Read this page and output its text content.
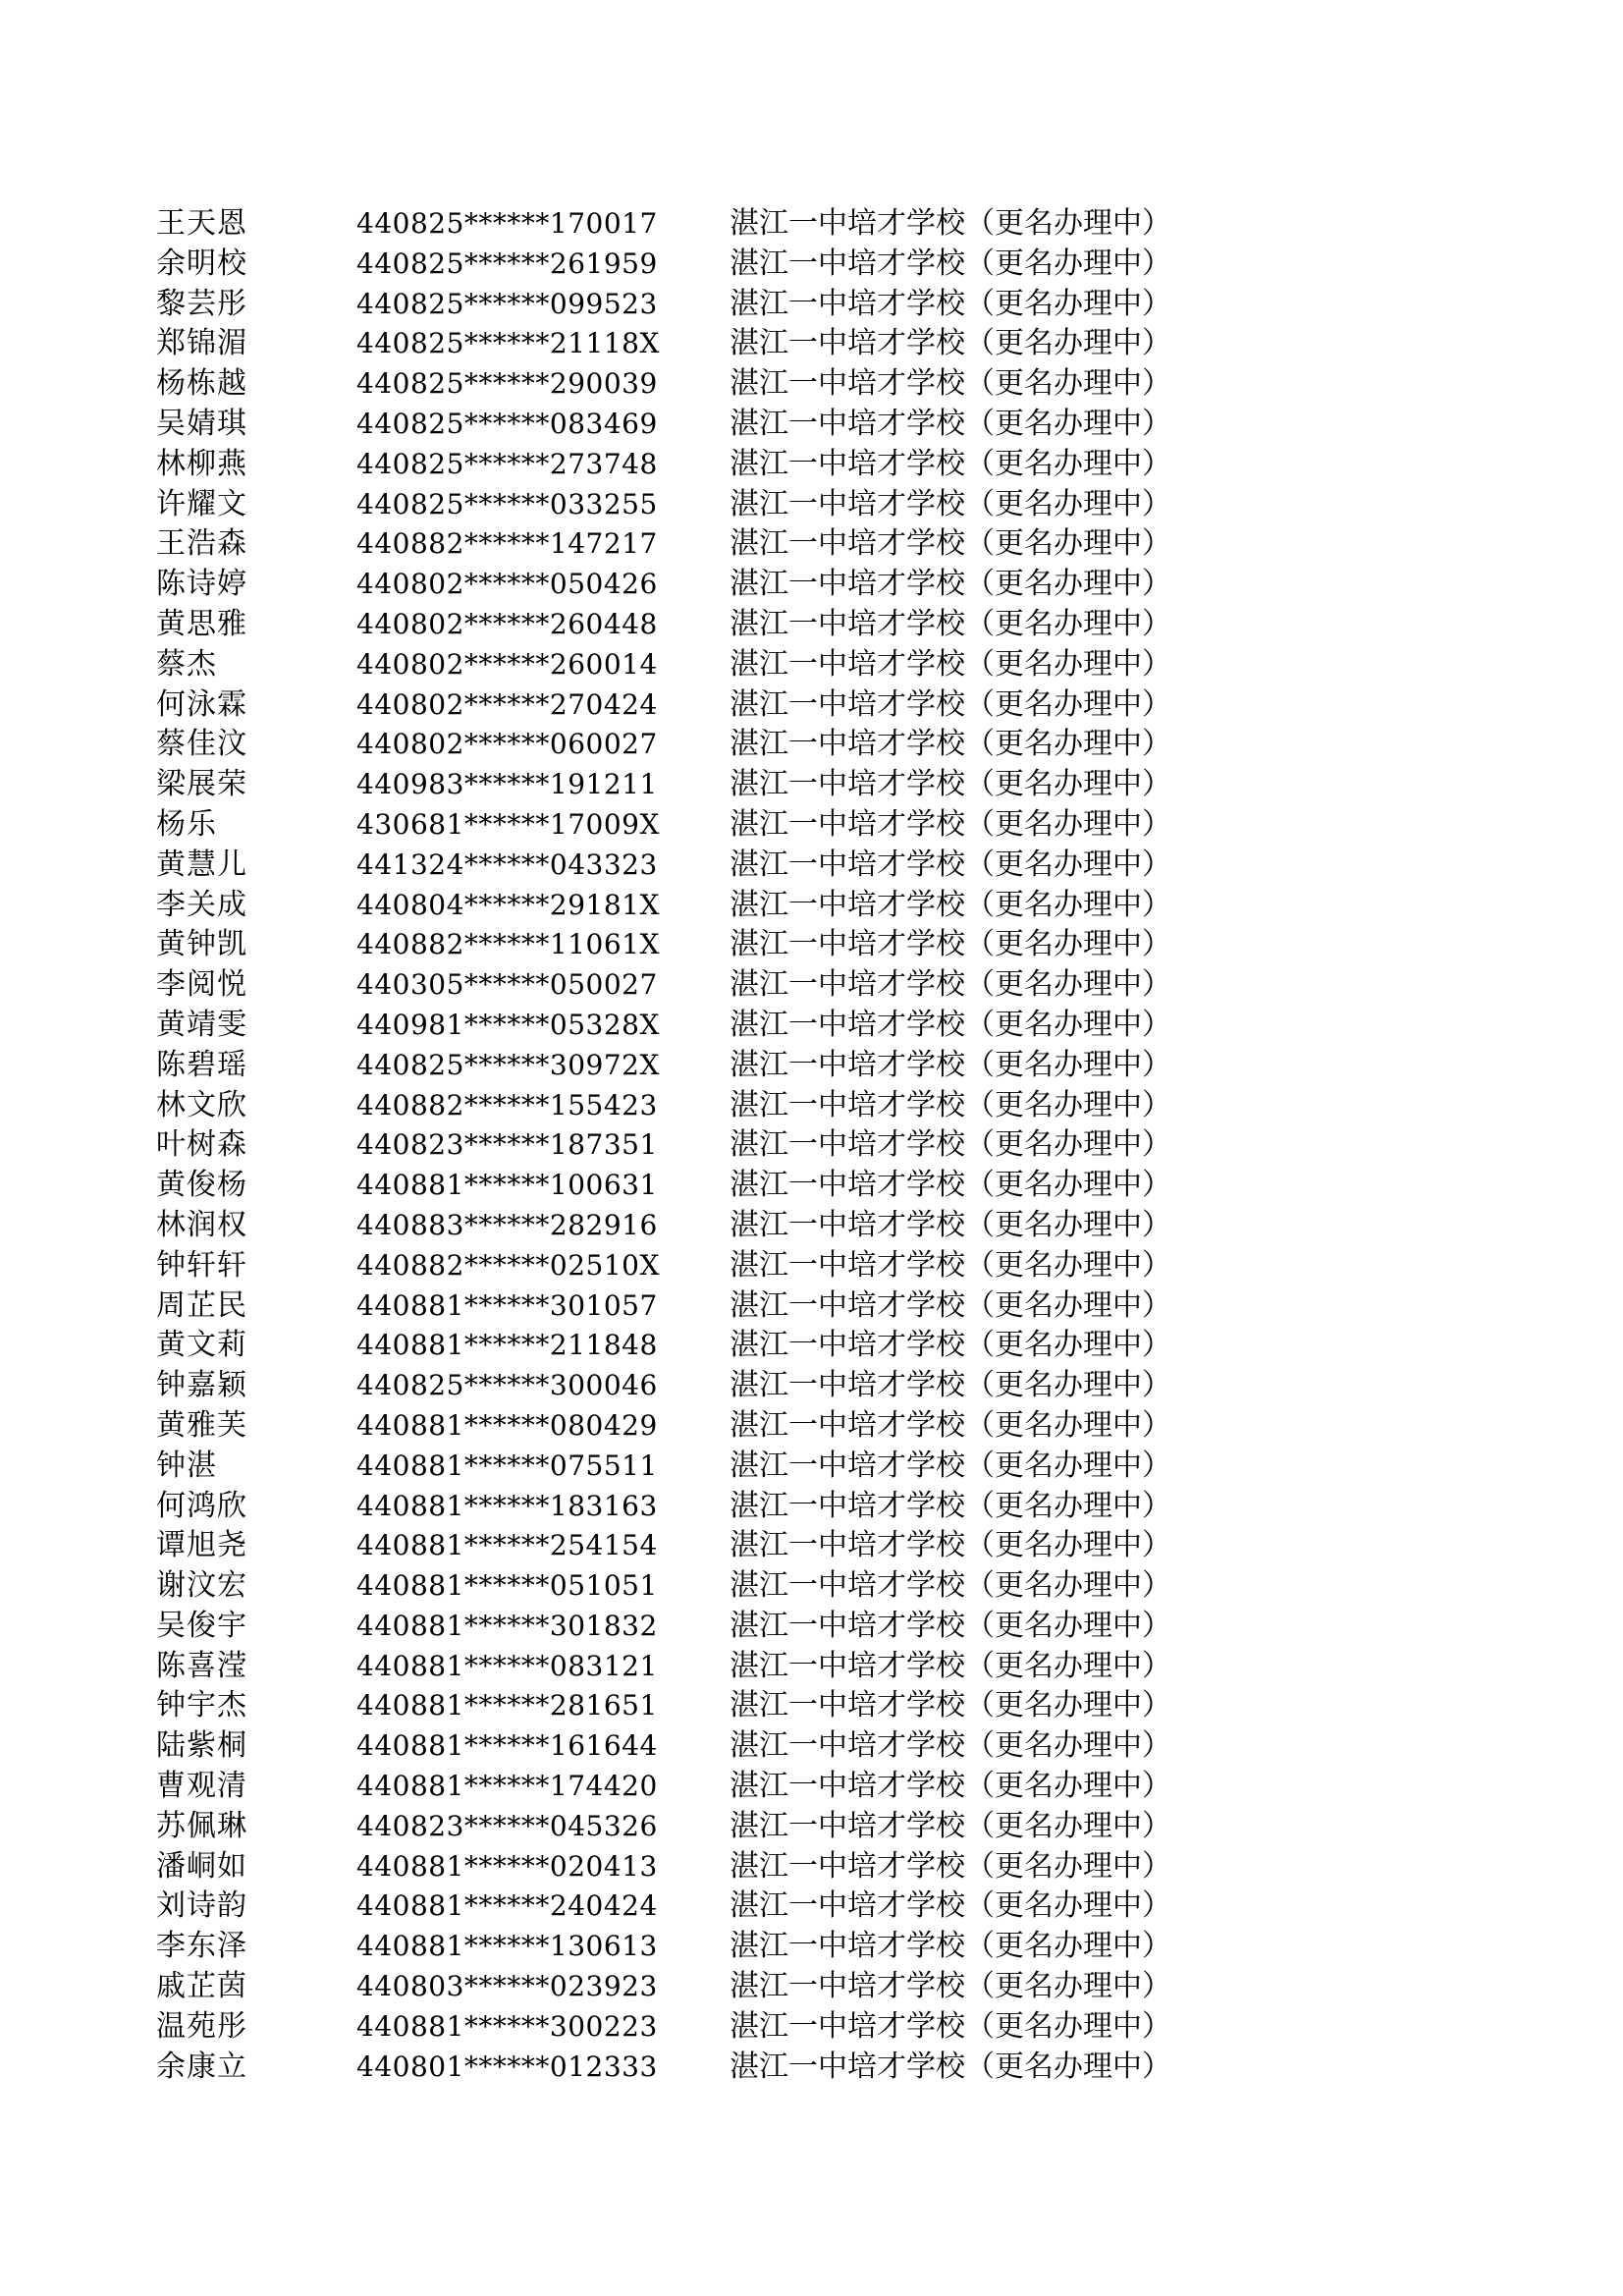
王天恩	440825******170017 湛江一中培才学校（更名办理中）
余明校	440825******261959 湛江一中培才学校（更名办理中）
黎芸彤	440825******099523 湛江一中培才学校（更名办理中）
郑锦湄	440825******21118X 湛江一中培才学校（更名办理中）
杨栋越	440825******290039 湛江一中培才学校（更名办理中）
吴婧琪	440825******083469 湛江一中培才学校（更名办理中）
林柳燕	440825******273748 湛江一中培才学校（更名办理中）
许耀文	440825******033255 湛江一中培才学校（更名办理中）
王浩森	440882******147217 湛江一中培才学校（更名办理中）
陈诗婷	440802******050426 湛江一中培才学校（更名办理中）
黄思雅	440802******260448 湛江一中培才学校（更名办理中）
蔡杰	440802******260014 湛江一中培才学校（更名办理中）
何泳霖	440802******270424 湛江一中培才学校（更名办理中）
蔡佳汶	440802******060027 湛江一中培才学校（更名办理中）
梁展荣	440983******191211 湛江一中培才学校（更名办理中）
杨乐	430681******17009X 湛江一中培才学校（更名办理中）
黄慧儿	441324******043323 湛江一中培才学校（更名办理中）
李关成	440804******29181X 湛江一中培才学校（更名办理中）
黄钟凯	440882******11061X 湛江一中培才学校（更名办理中）
李阅悦	440305******050027 湛江一中培才学校（更名办理中）
黄靖雯	440981******05328X 湛江一中培才学校（更名办理中）
陈碧瑶	440825******30972X 湛江一中培才学校（更名办理中）
林文欣	440882******155423 湛江一中培才学校（更名办理中）
叶树森	440823******187351 湛江一中培才学校（更名办理中）
黄俊杨	440881******100631 湛江一中培才学校（更名办理中）
林润权	440883******282916 湛江一中培才学校（更名办理中）
钟轩轩	440882******02510X 湛江一中培才学校（更名办理中）
周芷民	440881******301057 湛江一中培才学校（更名办理中）
黄文莉	440881******211848 湛江一中培才学校（更名办理中）
钟嘉颖	440825******300046 湛江一中培才学校（更名办理中）
黄雅芙	440881******080429 湛江一中培才学校（更名办理中）
钟湛	440881******075511 湛江一中培才学校（更名办理中）
何鸿欣	440881******183163 湛江一中培才学校（更名办理中）
谭旭尧	440881******254154 湛江一中培才学校（更名办理中）
谢汶宏	440881******051051 湛江一中培才学校（更名办理中）
吴俊宇	440881******301832 湛江一中培才学校（更名办理中）
陈喜滢	440881******083121 湛江一中培才学校（更名办理中）
钟宇杰	440881******281651 湛江一中培才学校（更名办理中）
陆紫桐	440881******161644 湛江一中培才学校（更名办理中）
曹观清	440881******174420 湛江一中培才学校（更名办理中）
苏佩琳	440823******045326 湛江一中培才学校（更名办理中）
潘峒如	440881******020413 湛江一中培才学校（更名办理中）
刘诗韵	440881******240424 湛江一中培才学校（更名办理中）
李东泽	440881******130613 湛江一中培才学校（更名办理中）
戚芷茵	440803******023923 湛江一中培才学校（更名办理中）
温苑彤	440881******300223 湛江一中培才学校（更名办理中）
余康立	440801******012333 湛江一中培才学校（更名办理中）
